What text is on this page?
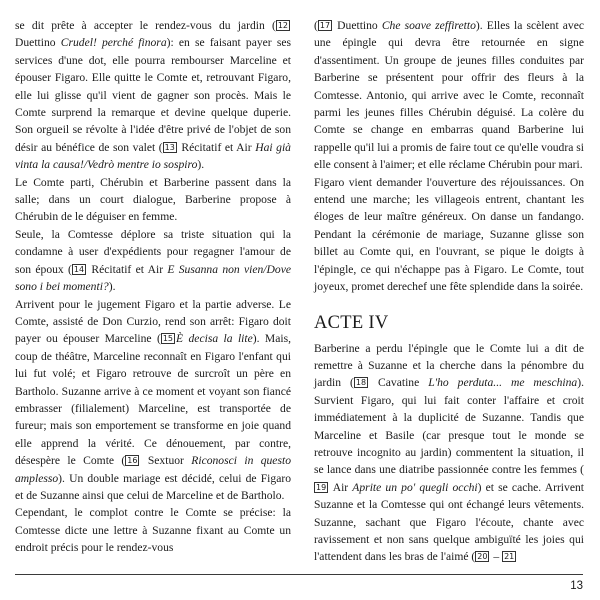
se dit prête à accepter le rendez-vous du jardin ( 12 Duettino Crudel! perché finora): en se faisant payer ses services d'une dot, elle pourra rembourser Marceline et épouser Figaro. Elle quitte le Comte et, retrouvant Figaro, elle lui glisse qu'il vient de gagner son procès. Mais le Comte surprend la remarque et devine quelque duperie. Son orgueil se révolte à l'idée d'être privé de l'objet de son désir au bénéfice de son valet ( 13 Récitatif et Air Hai già vinta la causa!/Vedrò mentre io sospiro).

Le Comte parti, Chérubin et Barberine passent dans la salle; dans un court dialogue, Barberine propose à Chérubin de le déguiser en femme.

Seule, la Comtesse déplore sa triste situation qui la condamne à user d'expédients pour regagner l'amour de son époux ( 14 Récitatif et Air E Susanna non vien/Dove sono i bei momenti?).

Arrivent pour le jugement Figaro et la partie adverse. Le Comte, assisté de Don Curzio, rend son arrêt: Figaro doit payer ou épouser Marceline ( 15 È decisa la lite). Mais, coup de théâtre, Marceline reconnaît en Figaro l'enfant qui lui fut volé; et Figaro retrouve de surcroît un père en Bartholo. Suzanne arrive à ce moment et voyant son fiancé embrasser (filialement) Marceline, est transportée de fureur; mais son emportement se transforme en joie quand elle apprend la vérité. Ce dénouement, par contre, désespère le Comte ( 16 Sextuor Riconosci in questo amplesso). Un double mariage est décidé, celui de Figaro et de Suzanne ainsi que celui de Marceline et de Bartholo.

Cependant, le complot contre le Comte se précise: la Comtesse dicte une lettre à Suzanne fixant au Comte un endroit précis pour le rendez-vous

( 17 Duettino Che soave zeffiretto). Elles la scèlent avec une épingle qui devra être retournée en signe d'assentiment. Un groupe de jeunes filles conduites par Barberine se présentent pour offrir des fleurs à la Comtesse. Antonio, qui arrive avec le Comte, reconnaît parmi les jeunes filles Chérubin déguisé. La colère du Comte se change en embarras quand Barberine lui rappelle qu'il lui a promis de faire tout ce qu'elle voudra si elle consent à l'aimer; et elle réclame Chérubin pour mari.

Figaro vient demander l'ouverture des réjouissances. On entend une marche; les villageois entrent, chantant les éloges de leur maître généreux. On danse un fandango. Pendant la cérémonie de mariage, Suzanne glisse son billet au Comte qui, en l'ouvrant, se pique le doigts à l'épingle, ce qui n'échappe pas à Figaro. Le Comte, tout joyeux, promet derechef une fête splendide dans la soirée.

ACTE IV

Barberine a perdu l'épingle que le Comte lui a dit de remettre à Suzanne et la cherche dans la pénombre du jardin ( 18 Cavatine L'ho perduta... me meschina). Survient Figaro, qui lui fait conter l'affaire et croit immédiatement à la duplicité de Suzanne. Tandis que Marceline et Basile (car presque tout le monde se retrouve incognito au jardin) commentent la situation, il se lance dans une diatribe passionnée contre les femmes (19 Air Aprite un po' quegli occhi) et se cache. Arrivent Suzanne et la Comtesse qui ont échangé leurs vêtements. Suzanne, sachant que Figaro l'écoute, chante avec ravissement et non sans quelque ambiguïté les joies qui l'attendent dans les bras de l'aimé ( 20 – 21

13
